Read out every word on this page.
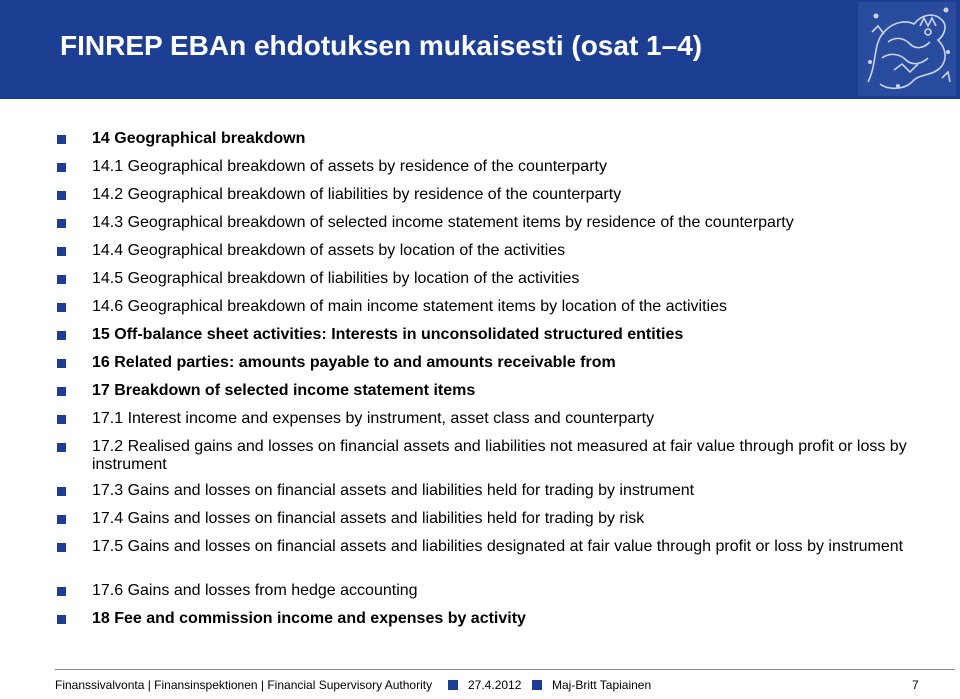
FINREP EBAn ehdotuksen mukaisesti (osat 1–4)
14 Geographical breakdown
14.1 Geographical breakdown of assets by residence of the counterparty
14.2 Geographical breakdown of liabilities by residence of the counterparty
14.3 Geographical breakdown of selected income statement items by residence of the counterparty
14.4 Geographical breakdown of assets by location of the activities
14.5 Geographical breakdown of liabilities by location of the activities
14.6 Geographical breakdown of main income statement items by location of the activities
15 Off-balance sheet activities: Interests in unconsolidated structured entities
16 Related parties: amounts payable to and amounts receivable from
17 Breakdown of selected income statement items
17.1 Interest income and expenses by instrument, asset class and counterparty
17.2 Realised gains and losses on financial assets and liabilities not measured at fair value through profit or loss by instrument
17.3 Gains and losses on financial assets and liabilities held for trading by instrument
17.4 Gains and losses on financial assets and liabilities held for trading by risk
17.5 Gains and losses on financial assets and liabilities designated at fair value through profit or loss by instrument
17.6 Gains and losses from hedge accounting
18 Fee and commission income and expenses by activity
Finanssivalvonta | Finansinspektionen | Financial Supervisory Authority	27.4.2012	Maj-Britt Tapiainen	7
